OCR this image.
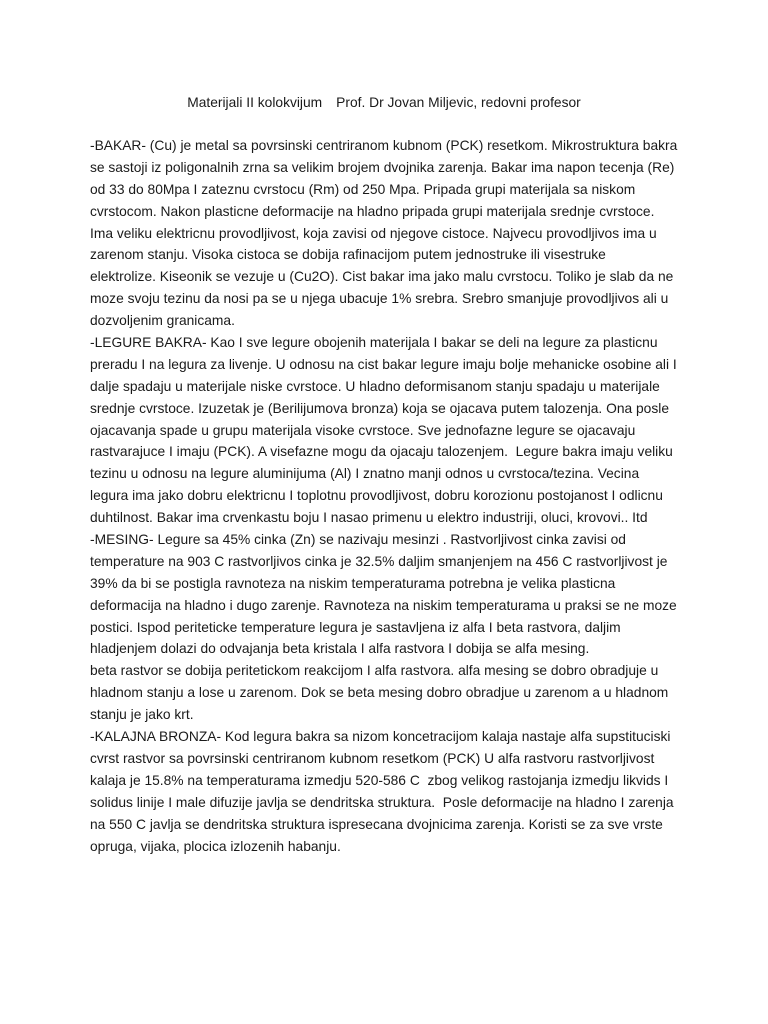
Materijali II kolokvijum Prof. Dr Jovan Miljevic, redovni profesor
-BAKAR- (Cu) je metal sa povrsinski centriranom kubnom (PCK) resetkom. Mikrostruktura bakra
se sastoji iz poligonalnih zrna sa velikim brojem dvojnika zarenja. Bakar ima napon tecenja (Re)
od 33 do 80Mpa I zateznu cvrstocu (Rm) od 250 Mpa. Pripada grupi materijala sa niskom
cvrstocom. Nakon plasticne deformacije na hladno pripada grupi materijala srednje cvrstoce.
Ima veliku elektricnu provodljivost, koja zavisi od njegove cistoce. Najvecu provodljivos ima u
zarenom stanju. Visoka cistoca se dobija rafinacijom putem jednostruke ili visestruke
elektrolize. Kiseonik se vezuje u (Cu2O). Cist bakar ima jako malu cvrstocu. Toliko je slab da ne
moze svoju tezinu da nosi pa se u njega ubacuje 1% srebra. Srebro smanjuje provodljivos ali u
dozvoljenim granicama.
-LEGURE BAKRA- Kao I sve legure obojenih materijala I bakar se deli na legure za plasticnu
preradu I na legura za livenje. U odnosu na cist bakar legure imaju bolje mehanicke osobine ali I
dalje spadaju u materijale niske cvrstoce. U hladno deformisanom stanju spadaju u materijale
srednje cvrstoce. Izuzetak je (Berilijumova bronza) koja se ojacava putem talozenja. Ona posle
ojacavanja spade u grupu materijala visoke cvrstoce. Sve jednofazne legure se ojacavaju
rastvarajuce I imaju (PCK). A visefazne mogu da ojacaju talozenjem.  Legure bakra imaju veliku
tezinu u odnosu na legure aluminijuma (Al) I znatno manji odnos u cvrstoca/tezina. Vecina
legura ima jako dobru elektricnu I toplotnu provodljivost, dobru korozionu postojanost I odlicnu
duhtilnost. Bakar ima crvenkastu boju I nasao primenu u elektro industriji, oluci, krovovi.. Itd
-MESING- Legure sa 45% cinka (Zn) se nazivaju mesinzi . Rastvorljivost cinka zavisi od
temperature na 903 C rastvorljivos cinka je 32.5% daljim smanjenjem na 456 C rastvorljivost je
39% da bi se postigla ravnoteza na niskim temperaturama potrebna je velika plasticna
deformacija na hladno i dugo zarenje. Ravnoteza na niskim temperaturama u praksi se ne moze
postici. Ispod periteticke temperature legura je sastavljena iz alfa I beta rastvora, daljim
hladjenjem dolazi do odvajanja beta kristala I alfa rastvora I dobija se alfa mesing.
beta rastvor se dobija peritetickom reakcijom I alfa rastvora. alfa mesing se dobro obradjuje u
hladnom stanju a lose u zarenom. Dok se beta mesing dobro obradjue u zarenom a u hladnom
stanju je jako krt.
-KALAJNA BRONZA- Kod legura bakra sa nizom koncetracijom kalaja nastaje alfa supstituciski
cvrst rastvor sa povrsinski centriranom kubnom resetkom (PCK) U alfa rastvoru rastvorljivost
kalaja je 15.8% na temperaturama izmedju 520-586 C  zbog velikog rastojanja izmedju likvids I
solidus linije I male difuzije javlja se dendritska struktura.  Posle deformacije na hladno I zarenja
na 550 C javlja se dendritska struktura ispresecana dvojnicima zarenja. Koristi se za sve vrste
opruga, vijaka, plocica izlozenih habanju.
